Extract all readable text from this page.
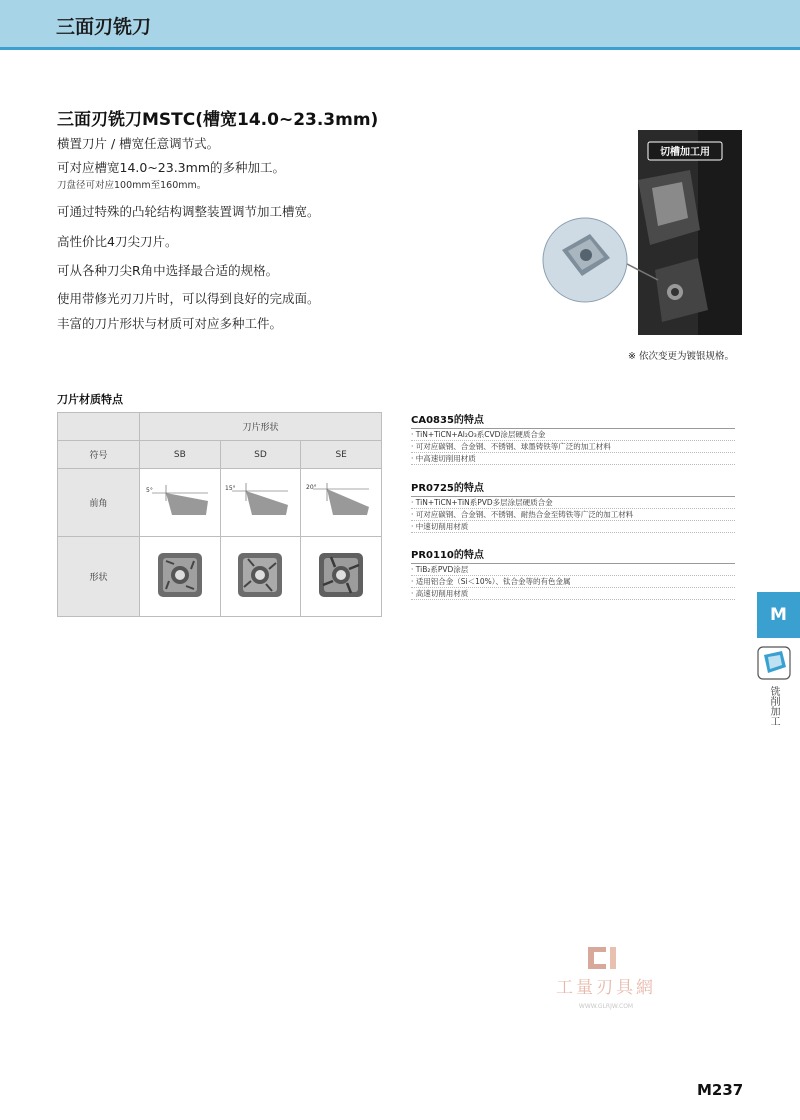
三面刃铣刀
三面刃铣刀MSTC(槽宽14.0~23.3mm)
横置刀片 / 槽宽任意调节式。
可对应槽宽14.0~23.3mm的多种加工。
刀盘径可对应100mm至160mm。
可通过特殊的凸轮结构调整装置调节加工槽宽。
高性价比4刀尖刀片。
可从各种刀尖R角中选择最合适的规格。
使用带修光刃刀片时，可以得到良好的完成面。
丰富的刀片形状与材质可对应多种工件。
切槽加工用
※ 依次变更为镀银规格。
刀片材质特点
	刀片形状		
符号	SB	SD	SE
前角	5°	15°	20°

形状			
CA0835的特点
· TiN+TiCN+Al₂O₃系CVD涂层硬质合金
· 可对应碳钢、合金钢、不锈钢、球墨铸铁等广泛的加工材料
· 中高速切削用材质
PR0725的特点
· TiN+TiCN+TiN系PVD多层涂层硬质合金
· 可对应碳钢、合金钢、不锈钢、耐热合金至铸铁等广泛的加工材料
· 中速切削用材质
PR0110的特点
· TiB₂系PVD涂层
· 适用铝合金（Si＜10%）、钛合金等的有色金属
· 高速切削用材质
M
铣削加工
工量刃具網
WWW.GLRJW.COM
M237
